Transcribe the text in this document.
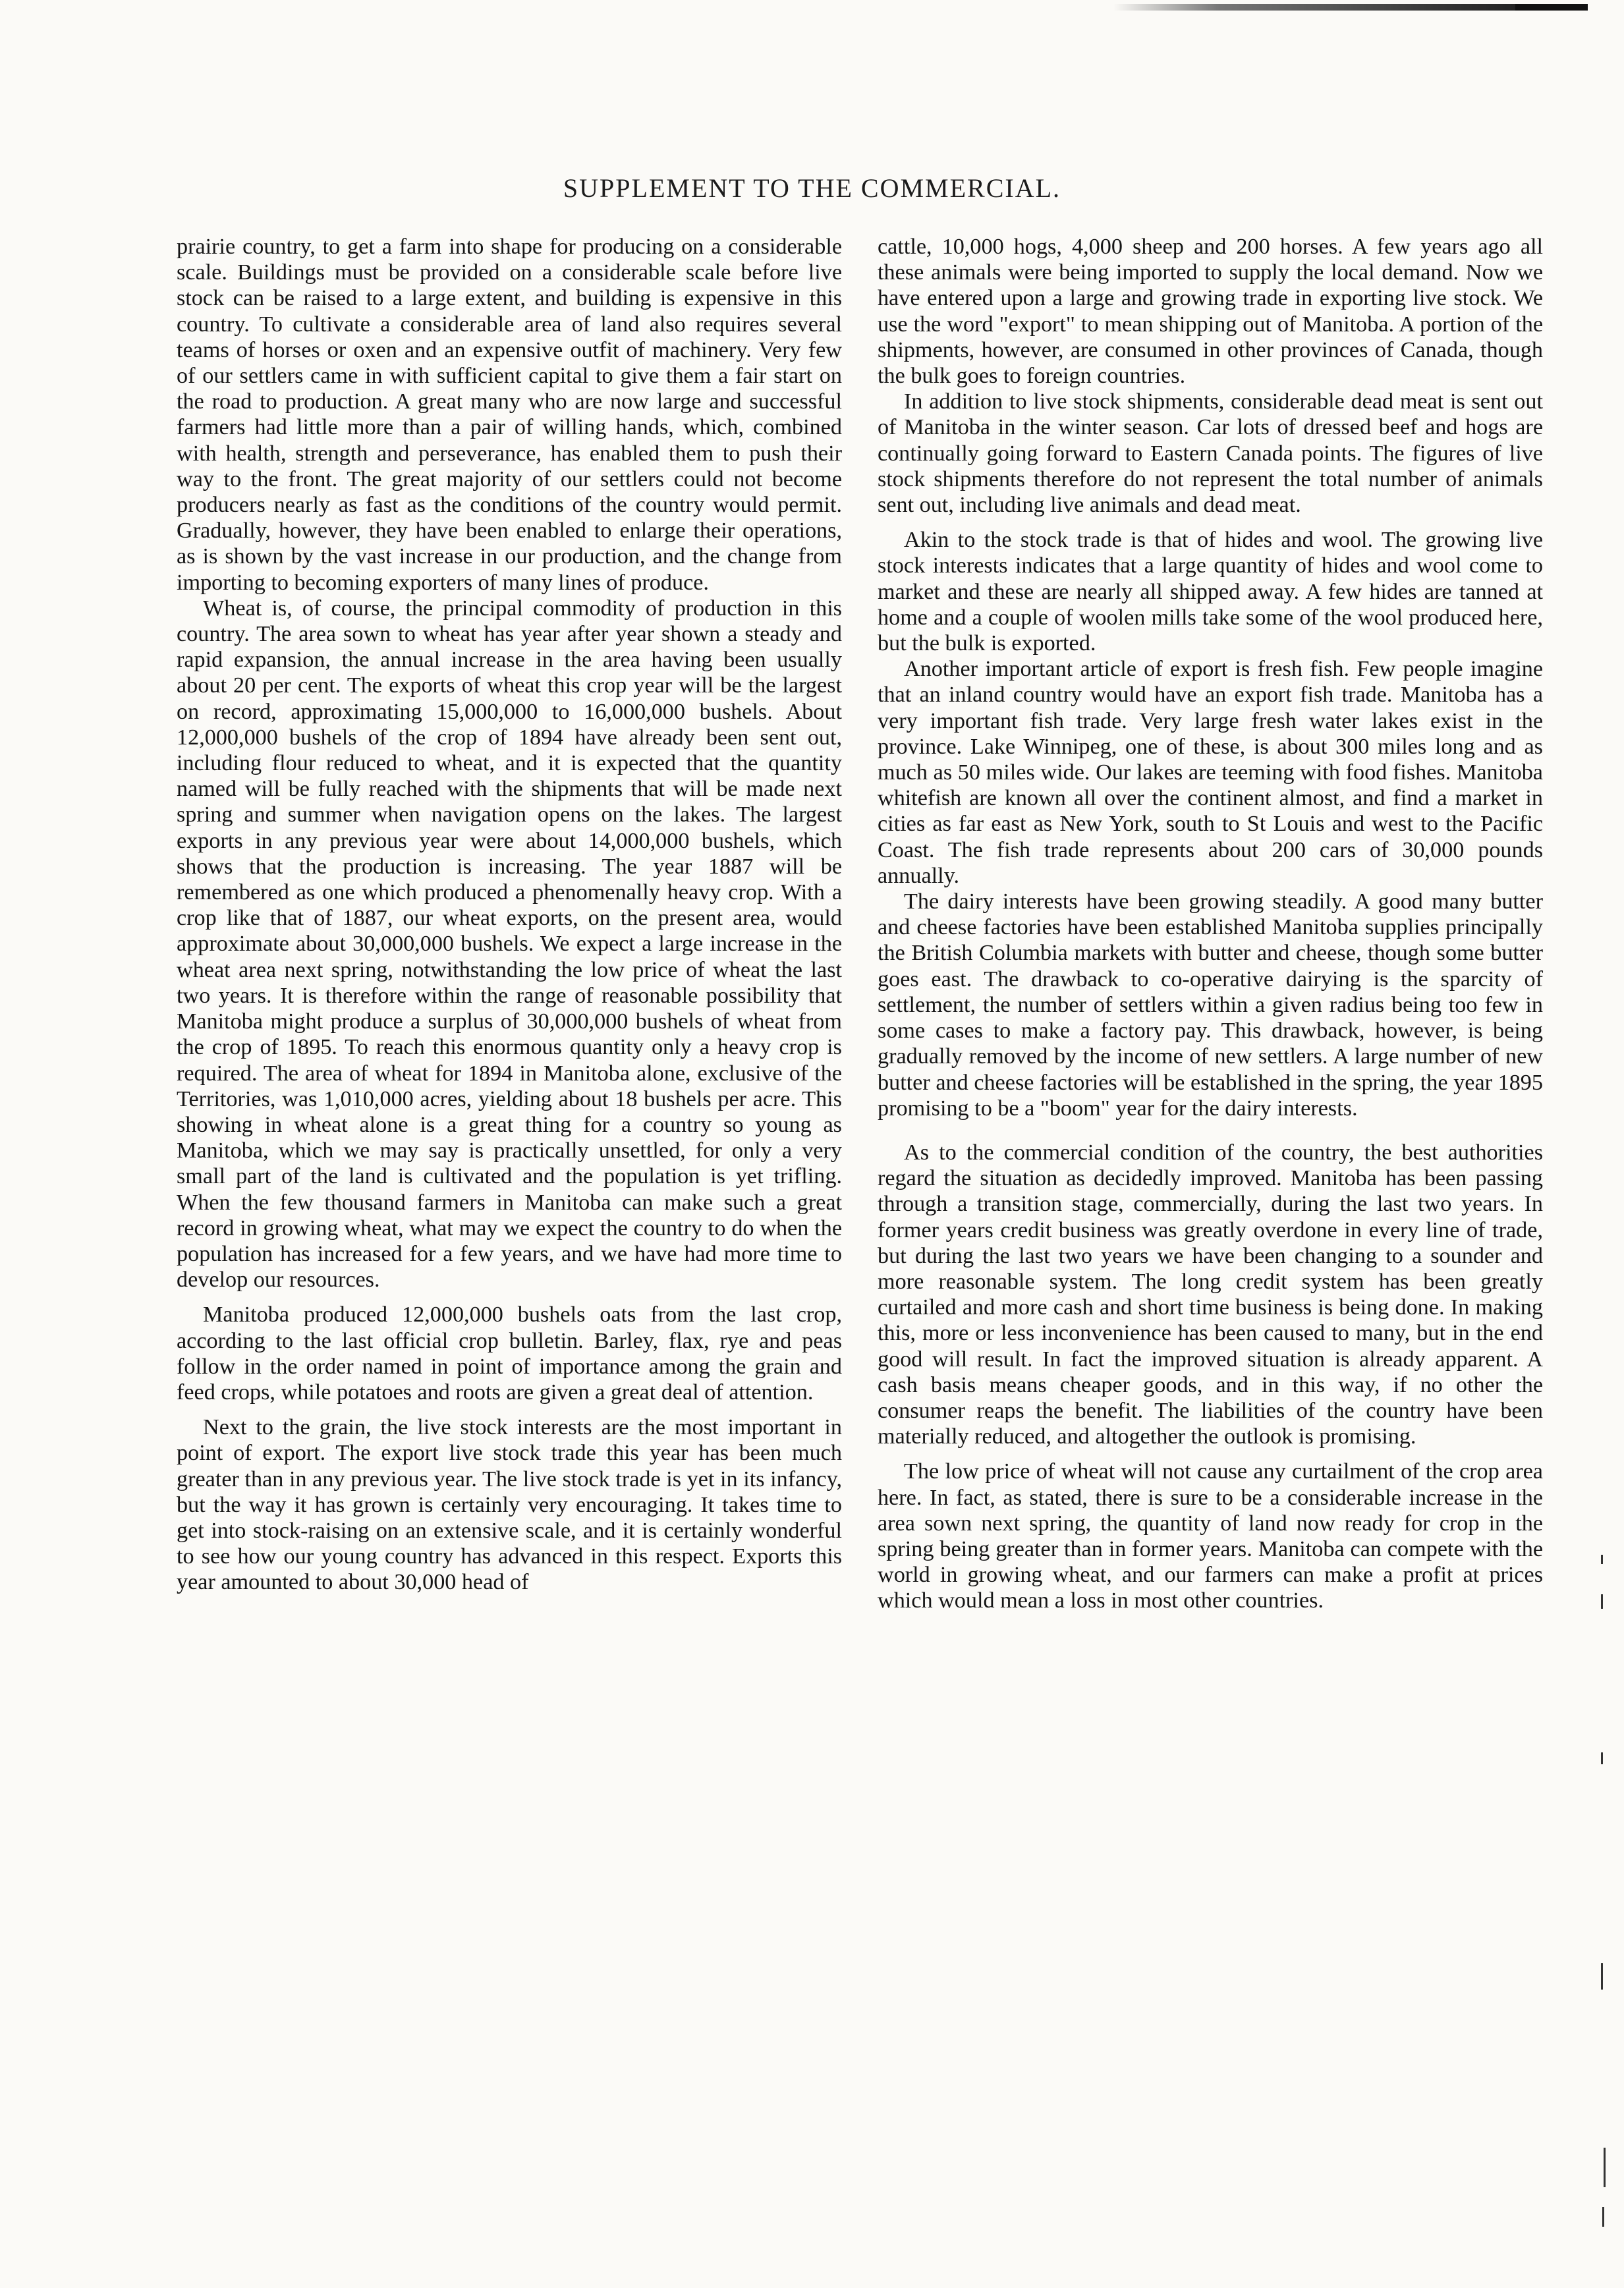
SUPPLEMENT TO THE COMMERCIAL.

prairie country, to get a farm into shape for producing on a considerable scale. Buildings must be provided on a considerable scale before live stock can be raised to a large extent, and building is expensive in this country. To cultivate a considerable area of land also requires several teams of horses or oxen and an expensive outfit of machinery. Very few of our settlers came in with sufficient capital to give them a fair start on the road to production. A great many who are now large and successful farmers had little more than a pair of willing hands, which, combined with health, strength and perseverance, has enabled them to push their way to the front. The great majority of our settlers could not become producers nearly as fast as the conditions of the country would permit. Gradually, however, they have been enabled to enlarge their operations, as is shown by the vast increase in our production, and the change from importing to becoming exporters of many lines of produce.

Wheat is, of course, the principal commodity of production in this country. The area sown to wheat has year after year shown a steady and rapid expansion, the annual increase in the area having been usually about 20 per cent. The exports of wheat this crop year will be the largest on record, approximating 15,000,000 to 16,000,000 bushels. About 12,000,000 bushels of the crop of 1894 have already been sent out, including flour reduced to wheat, and it is expected that the quantity named will be fully reached with the shipments that will be made next spring and summer when navigation opens on the lakes. The largest exports in any previous year were about 14,000,000 bushels, which shows that the production is increasing. The year 1887 will be remembered as one which produced a phenomenally heavy crop. With a crop like that of 1887, our wheat exports, on the present area, would approximate about 30,000,000 bushels. We expect a large increase in the wheat area next spring, notwithstanding the low price of wheat the last two years. It is therefore within the range of reasonable possibility that Manitoba might produce a surplus of 30,000,000 bushels of wheat from the crop of 1895. To reach this enormous quantity only a heavy crop is required. The area of wheat for 1894 in Manitoba alone, exclusive of the Territories, was 1,010,000 acres, yielding about 18 bushels per acre. This showing in wheat alone is a great thing for a country so young as Manitoba, which we may say is practically unsettled, for only a very small part of the land is cultivated and the population is yet trifling. When the few thousand farmers in Manitoba can make such a great record in growing wheat, what may we expect the country to do when the population has increased for a few years, and we have had more time to develop our resources.

Manitoba produced 12,000,000 bushels oats from the last crop, according to the last official crop bulletin. Barley, flax, rye and peas follow in the order named in point of importance among the grain and feed crops, while potatoes and roots are given a great deal of attention.

Next to the grain, the live stock interests are the most important in point of export. The export live stock trade this year has been much greater than in any previous year. The live stock trade is yet in its infancy, but the way it has grown is certainly very encouraging. It takes time to get into stock-raising on an extensive scale, and it is certainly wonderful to see how our young country has advanced in this respect. Exports this year amounted to about 30,000 head of

cattle, 10,000 hogs, 4,000 sheep and 200 horses. A few years ago all these animals were being imported to supply the local demand. Now we have entered upon a large and growing trade in exporting live stock. We use the word "export" to mean shipping out of Manitoba. A portion of the shipments, however, are consumed in other provinces of Canada, though the bulk goes to foreign countries.

In addition to live stock shipments, considerable dead meat is sent out of Manitoba in the winter season. Car lots of dressed beef and hogs are continually going forward to Eastern Canada points. The figures of live stock shipments therefore do not represent the total number of animals sent out, including live animals and dead meat.

Akin to the stock trade is that of hides and wool. The growing live stock interests indicates that a large quantity of hides and wool come to market and these are nearly all shipped away. A few hides are tanned at home and a couple of woolen mills take some of the wool produced here, but the bulk is exported.

Another important article of export is fresh fish. Few people imagine that an inland country would have an export fish trade. Manitoba has a very important fish trade. Very large fresh water lakes exist in the province. Lake Winnipeg, one of these, is about 300 miles long and as much as 50 miles wide. Our lakes are teeming with food fishes. Manitoba whitefish are known all over the continent almost, and find a market in cities as far east as New York, south to St Louis and west to the Pacific Coast. The fish trade represents about 200 cars of 30,000 pounds annually.

The dairy interests have been growing steadily. A good many butter and cheese factories have been established Manitoba supplies principally the British Columbia markets with butter and cheese, though some butter goes east. The drawback to co-operative dairying is the sparcity of settlement, the number of settlers within a given radius being too few in some cases to make a factory pay. This drawback, however, is being gradually removed by the income of new settlers. A large number of new butter and cheese factories will be established in the spring, the year 1895 promising to be a "boom" year for the dairy interests.

As to the commercial condition of the country, the best authorities regard the situation as decidedly improved. Manitoba has been passing through a transition stage, commercially, during the last two years. In former years credit business was greatly overdone in every line of trade, but during the last two years we have been changing to a sounder and more reasonable system. The long credit system has been greatly curtailed and more cash and short time business is being done. In making this, more or less inconvenience has been caused to many, but in the end good will result. In fact the improved situation is already apparent. A cash basis means cheaper goods, and in this way, if no other the consumer reaps the benefit. The liabilities of the country have been materially reduced, and altogether the outlook is promising.

The low price of wheat will not cause any curtailment of the crop area here. In fact, as stated, there is sure to be a considerable increase in the area sown next spring, the quantity of land now ready for crop in the spring being greater than in former years. Manitoba can compete with the world in growing wheat, and our farmers can make a profit at prices which would mean a loss in most other countries.
